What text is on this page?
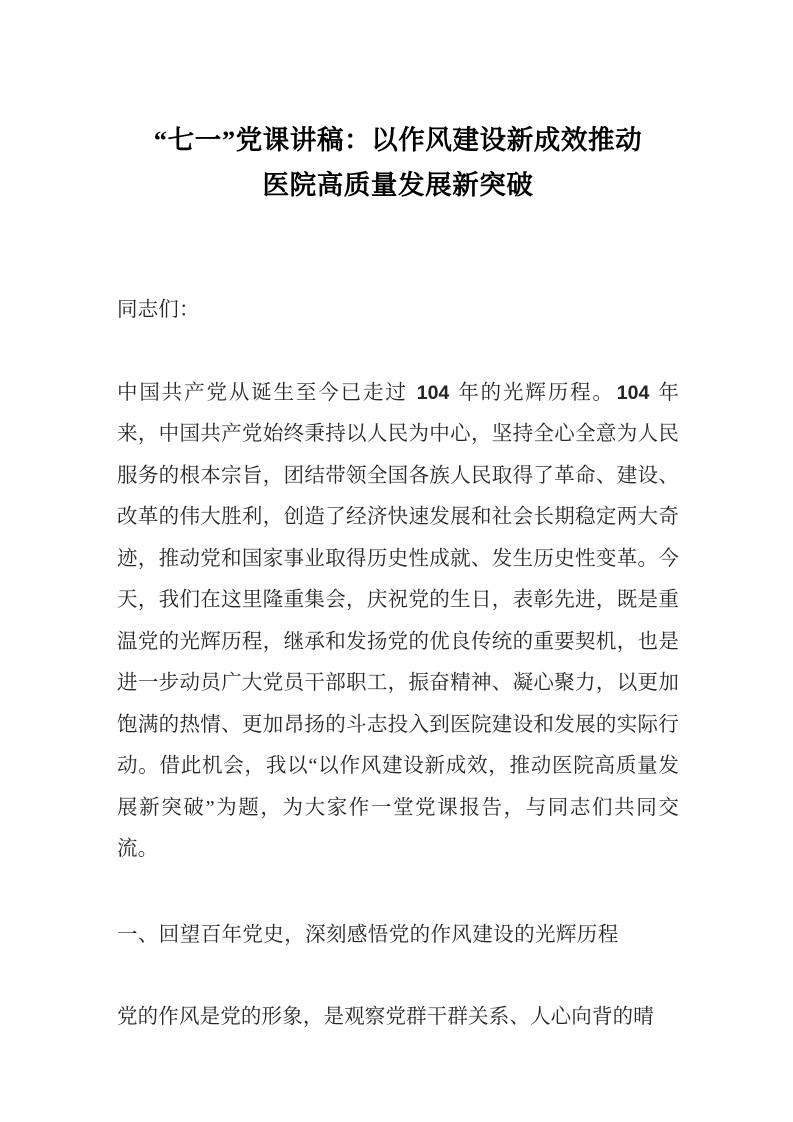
“七一”党课讲稿：以作风建设新成效推动
医院高质量发展新突破

同志们：

中国共产党从诞生至今已走过 104 年的光辉历程。 104 年来，中国共产党始终秉持以人民为中心，坚持全心全意为人民服务的根本宗旨，团结带领全国各族人民取得了革命、建设、改革的伟大胜利，创造了经济快速发展和社会长期稳定两大奇迹，推动党和国家事业取得历史性成就、发生历史性变革。今天，我们在这里隆重集会，庆祝党的生日，表彰先进，既是重温党的光辉历程，继承和发扬党的优良传统的重要契机，也是进一步动员广大党员干部职工，振奋精神、凝心聚力，以更加饱满的热情、更加昂扬的斗志投入到医院建设和发展的实际行动。借此机会，我以“以作风建设新成效，推动医院高质量发展新突破”为题，为大家作一堂党课报告，与同志们共同交流。

一、回望百年党史，深刻感悟党的作风建设的光辉历程

党的作风是党的形象，是观察党群干群关系、人心向背的晴
